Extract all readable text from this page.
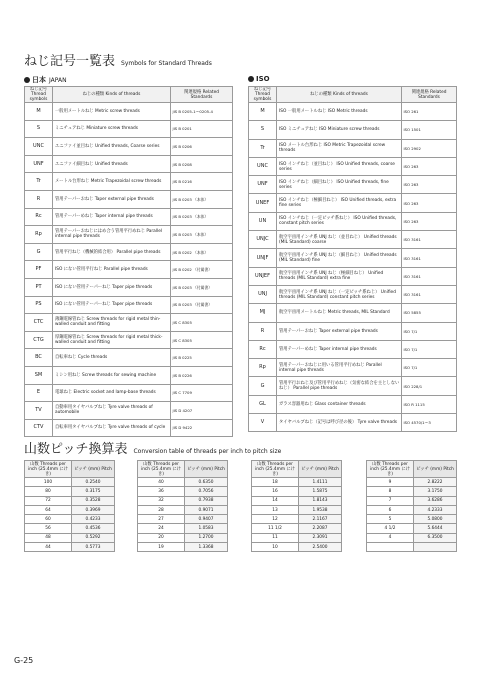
ねじ記号一覧表 Symbols for Standard Threads
日本 JAPAN	ISO
ねじ記号 Thread symbols	ねじの種類 Kinds of threads	関連規格 Related Standards
M	一般用メートルねじ Metric screw threads	JIS B 0205-1～0205-4
S	ミニチュアねじ Miniature screw threads	JIS B 0201
UNC	ユニファイ並目ねじ Unified threads, Coarse series	JIS B 0206
UNF	ユニファイ細目ねじ Unified threads	JIS B 0208
Tr	メートル台形ねじ Metric Trapezoidal screw threads	JIS B 0216
R	管用テーパーおねじ Taper external pipe threads	JIS B 0203 （本体）
Rc	管用テーパーめねじ Taper internal pipe threads	JIS B 0203 （本体）
Rp	管用テーパーおねじにはめ合う管用平行めねじ Parallel internal pipe threads	JIS B 0203 （本体）
G	管用平行ねじ（機械的結合用） Parallel pipe threads	JIS B 0202 （本体）
PF	ISO にない管用平行ねじ Parallel pipe threads	JIS B 0202 （付属書）
PT	ISO にない管用テーパーねじ Taper pipe threads	JIS B 0203 （付属書）
PS	ISO にない管用テーパーねじ Taper pipe threads	JIS B 0203 （付属書）
CTC	薄鋼電線管ねじ Screw threads for rigid metal thin-walled conduit and fitting	JIS C 8305
CTG	厚鋼電線管ねじ Screw threads for rigid metal thick-walled conduit and fitting	JIS C 8305
BC	自転車ねじ Cycle threads	JIS B 0225
SM	ミシン用ねじ Screw threads for sewing machine	JIS B 0226
E	電球ねじ Electric socket and lamp-base threads	JIS C 7709
TV	自動車用タイヤバルブねじ Tyre valve threads of automobile	JIS D 4207
CTV	自転車用タイヤバルブねじ Tyre valve threads of cycle	JIS D 9422
ねじ記号 Thread symbols	ねじの種類 Kinds of threads	関連規格 Related Standards
M	ISO 一般用メートルねじ ISO Metric threads	ISO 261
S	ISO ミニチュアねじ ISO Miniature screw threads	ISO 1501
Tr	ISO メートル台形ねじ ISO Metric Trapezoidal screw threads	ISO 2902
UNC	ISO インチねじ（並目ねじ） ISO Unified threads, coarse series	ISO 263
UNF	ISO インチねじ（細目ねじ） ISO Unified threads, fine series	ISO 263
UNEF	ISO インチねじ（極細目ねじ） ISO Unified threads, extra fine series	ISO 263
UN	ISO インチねじ（一定ピッチ系ねじ） ISO Unified threads, constant pitch series	ISO 263
UNJC	航空宇宙用インチ系 UNJ ねじ（並目ねじ） Unified threads (MIL Standard) coarse	ISO 3161
UNJF	航空宇宙用インチ系 UNJ ねじ（細目ねじ） Unified threads (MIL Standard) fine	ISO 3161
UNJEF	航空宇宙用インチ系 UNJ ねじ（極細目ねじ） Unified threads (MIL Standard) extra fine	ISO 3161
UNJ	航空宇宙用インチ系 UNJ ねじ（一定ピッチ系ねじ） Unified threads (MIL Standard) constant pitch series	ISO 3161
MJ	航空宇宙用メートルねじ Metric threads, MIL Standard	ISO 5855
R	管用テーパーおねじ Taper external pipe threads	ISO 7/1
Rc	管用テーパーめねじ Taper internal pipe threads	ISO 7/1
Rp	管用テーパーおねじに用いる管用平行めねじ Parallel internal pipe threads	ISO 7/1
G	管用平行おねじ及び管用平行めねじ（気密な結合を主としないねじ） Parallel pipe threads	ISO 228/1
GL	ガラス容器用ねじ Glass container threads	ISO R 1115
V	タイヤバルブねじ（記号は呼び径の後） Tyre valve threads	ISO 4570/1～3
山数ピッチ換算表 Conversion table of threads per inch to pitch size
山数 Threads per inch (25.4mm にけき)	ピッチ (mm) Pitch
100	0.2540
80	0.3175
72	0.3528
64	0.3969
60	0.4233
56	0.4536
48	0.5292
44	0.5773
山数 Threads per inch (25.4mm にけき)	ピッチ (mm) Pitch
40	0.6350
36	0.7056
32	0.7938
28	0.9071
27	0.9407
24	1.0583
20	1.2700
19	1.3368
山数 Threads per inch (25.4mm にけき)	ピッチ (mm) Pitch
18	1.4111
16	1.5875
14	1.8143
13	1.9538
12	2.1167
11 1/2	2.2087
11	2.3091
10	2.5400
山数 Threads per inch (25.4mm にけき)	ピッチ (mm) Pitch
9	2.8222
8	3.1750
7	3.6286
6	4.2333
5	5.0800
4 1/2	5.6444
4	6.3500

G-25
